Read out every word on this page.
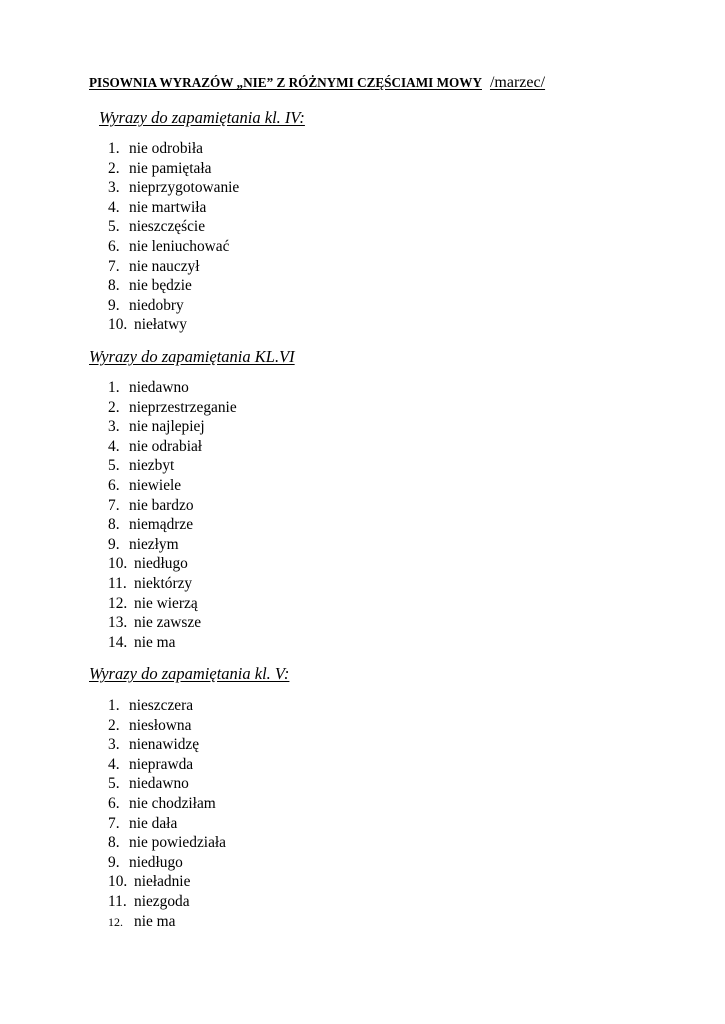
PISOWNIA WYRAZÓW „NIE” Z RÓŻNYMI CZĘŚCIAMI MOWY /marzec/
Wyrazy do zapamiętania kl. IV:
1. nie odrobiła
2. nie pamiętała
3. nieprzygotowanie
4. nie martwiła
5. nieszczęście
6. nie leniuchować
7. nie nauczył
8. nie będzie
9. niedobry
10. niełatwy
Wyrazy do zapamiętania KL.VI
1. niedawno
2. nieprzestrzeganie
3. nie najlepiej
4. nie odrabiał
5. niezbyt
6. niewiele
7. nie bardzo
8. niemądrze
9. niezłym
10. niedługo
11. niektórzy
12. nie wierzą
13. nie zawsze
14. nie ma
Wyrazy do zapamiętania kl. V:
1. nieszczera
2. niesłowna
3. nienawidzę
4. nieprawda
5. niedawno
6. nie chodziłam
7. nie dała
8. nie powiedziała
9. niedługo
10. nieładnie
11. niezgoda
12. nie ma
